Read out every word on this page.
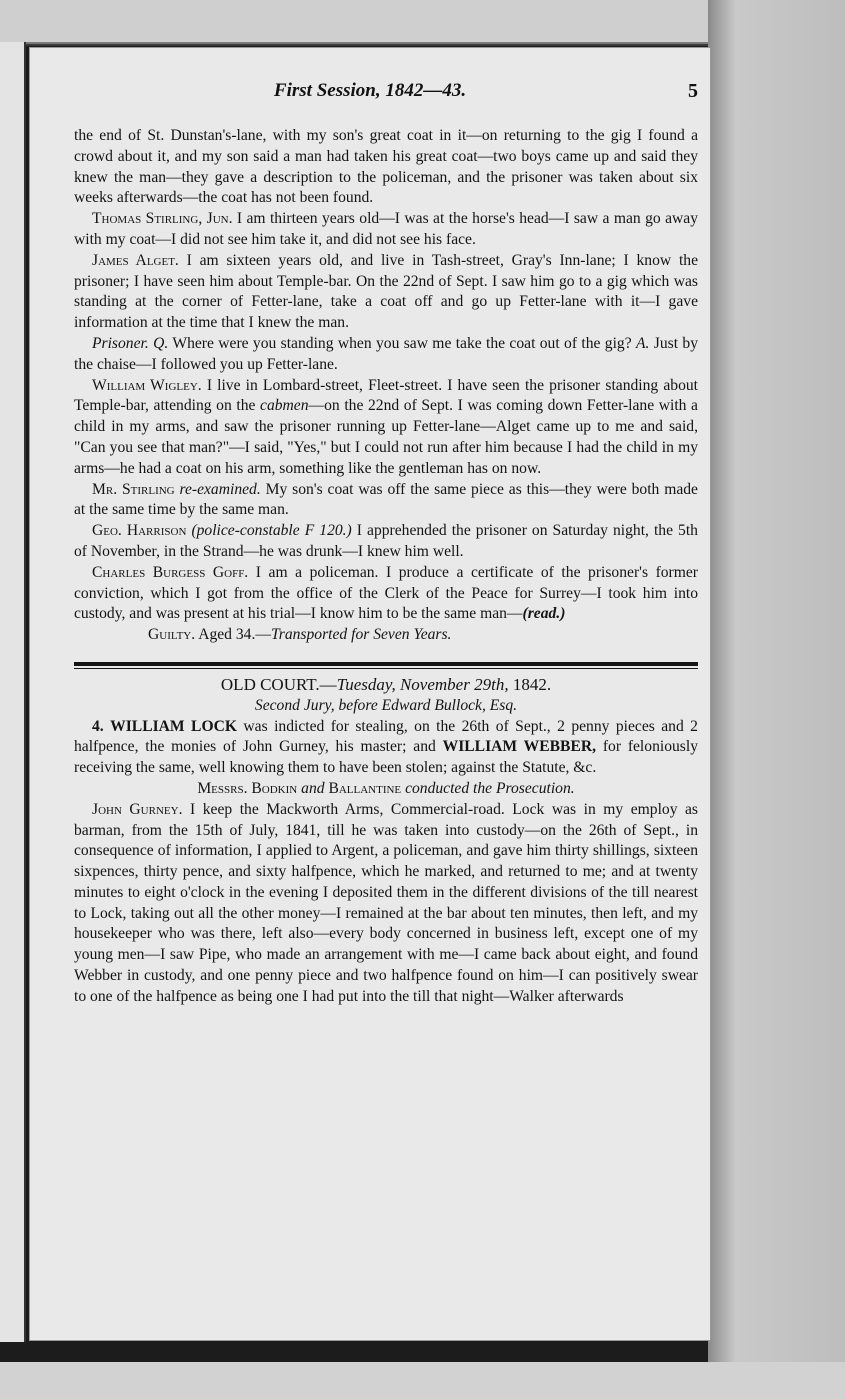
First Session, 1842—43.	5

the end of St. Dunstan's-lane, with my son's great coat in it—on returning to the gig I found a crowd about it, and my son said a man had taken his great coat—two boys came up and said they knew the man—they gave a description to the policeman, and the prisoner was taken about six weeks afterwards—the coat has not been found.

Thomas Stirling, Jun. I am thirteen years old—I was at the horse's head—I saw a man go away with my coat—I did not see him take it, and did not see his face.

James Alget. I am sixteen years old, and live in Tash-street, Gray's Inn-lane; I know the prisoner; I have seen him about Temple-bar. On the 22nd of Sept. I saw him go to a gig which was standing at the corner of Fetter-lane, take a coat off and go up Fetter-lane with it—I gave information at the time that I knew the man.

Prisoner. Q. Where were you standing when you saw me take the coat out of the gig? A. Just by the chaise—I followed you up Fetter-lane.

William Wigley. I live in Lombard-street, Fleet-street. I have seen the prisoner standing about Temple-bar, attending on the cabmen—on the 22nd of Sept. I was coming down Fetter-lane with a child in my arms, and saw the prisoner running up Fetter-lane—Alget came up to me and said, "Can you see that man?"—I said, "Yes," but I could not run after him because I had the child in my arms—he had a coat on his arm, something like the gentleman has on now.

Mr. Stirling re-examined. My son's coat was off the same piece as this—they were both made at the same time by the same man.

Geo. Harrison (police-constable F 120.) I apprehended the prisoner on Saturday night, the 5th of November, in the Strand—he was drunk—I knew him well.

Charles Burgess Goff. I am a policeman. I produce a certificate of the prisoner's former conviction, which I got from the office of the Clerk of the Peace for Surrey—I took him into custody, and was present at his trial—I know him to be the same man—(read.)

Guilty. Aged 34.—Transported for Seven Years.

OLD COURT.—Tuesday, November 29th, 1842.

Second Jury, before Edward Bullock, Esq.

4. WILLIAM LOCK was indicted for stealing, on the 26th of Sept., 2 penny pieces and 2 halfpence, the monies of John Gurney, his master; and WILLIAM WEBBER, for feloniously receiving the same, well knowing them to have been stolen; against the Statute, &c.

Messrs. Bodkin and Ballantine conducted the Prosecution.

John Gurney. I keep the Mackworth Arms, Commercial-road. Lock was in my employ as barman, from the 15th of July, 1841, till he was taken into custody—on the 26th of Sept., in consequence of information, I applied to Argent, a policeman, and gave him thirty shillings, sixteen sixpences, thirty pence, and sixty halfpence, which he marked, and returned to me; and at twenty minutes to eight o'clock in the evening I deposited them in the different divisions of the till nearest to Lock, taking out all the other money—I remained at the bar about ten minutes, then left, and my housekeeper who was there, left also—every body concerned in business left, except one of my young men—I saw Pipe, who made an arrangement with me—I came back about eight, and found Webber in custody, and one penny piece and two halfpence found on him—I can positively swear to one of the halfpence as being one I had put into the till that night—Walker afterwards
